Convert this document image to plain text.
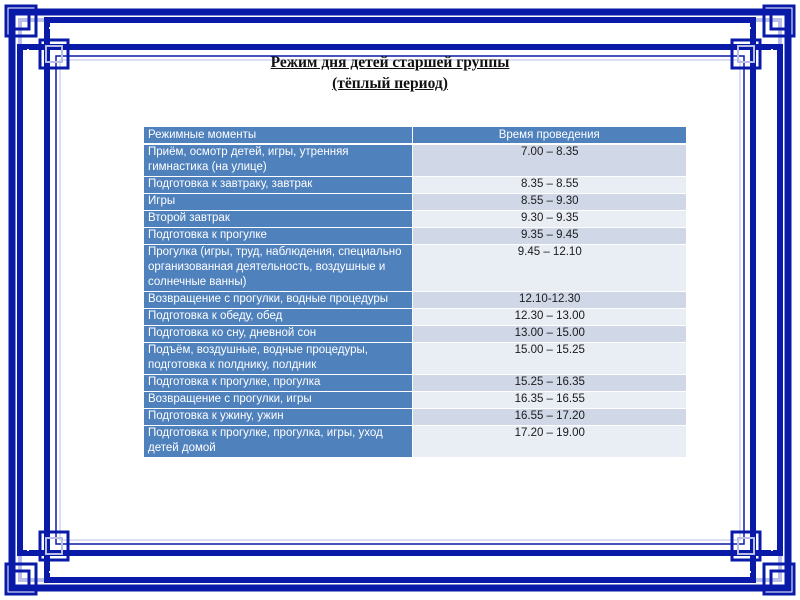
Режим дня детей старшей группы
(тёплый период)
Режимные моменты	Время проведения
Приём, осмотр детей, игры, утренняя гимнастика (на улице)	7.00 – 8.35
Подготовка к завтраку, завтрак	8.35 – 8.55
Игры	8.55 – 9.30
Второй завтрак	9.30 – 9.35
Подготовка к прогулке	9.35 – 9.45
Прогулка (игры, труд, наблюдения, специально организованная деятельность, воздушные и солнечные ванны)	9.45 – 12.10
Возвращение с прогулки, водные процедуры	12.10-12.30
Подготовка к обеду, обед	12.30 – 13.00
Подготовка ко сну, дневной сон	13.00 – 15.00
Подъём, воздушные, водные процедуры, подготовка к полднику, полдник	15.00 – 15.25
Подготовка к прогулке, прогулка	15.25 – 16.35
Возвращение с прогулки, игры	16.35 – 16.55
Подготовка к ужину, ужин	16.55 – 17.20
Подготовка к прогулке, прогулка, игры, уход детей домой	17.20 – 19.00
